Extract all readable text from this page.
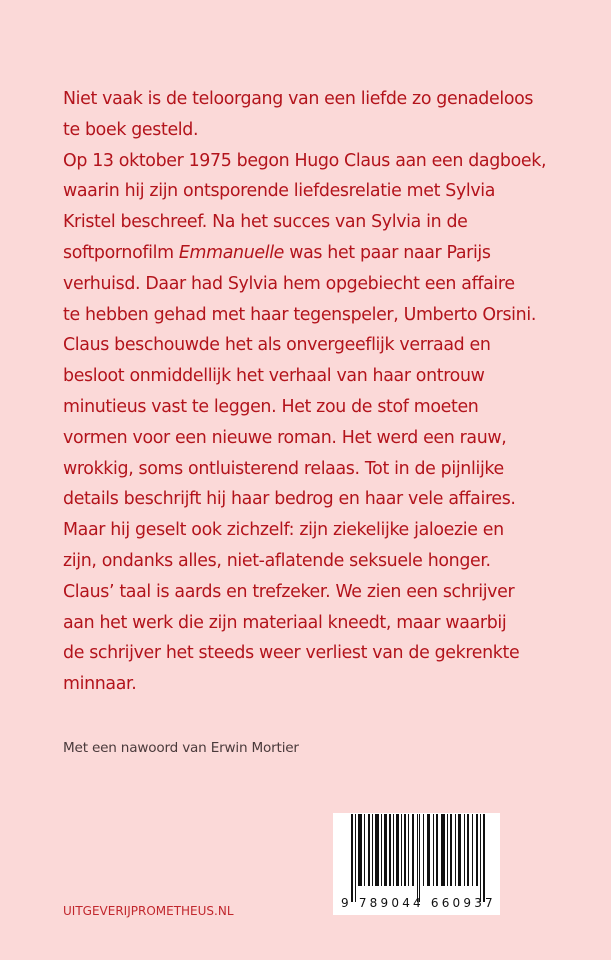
Niet vaak is de teloorgang van een liefde zo genadeloos
te boek gesteld.
Op 13 oktober 1975 begon Hugo Claus aan een dagboek,
waarin hij zijn ontsporende liefdesrelatie met Sylvia
Kristel beschreef. Na het succes van Sylvia in de
softpornofilm Emmanuelle was het paar naar Parijs
verhuisd. Daar had Sylvia hem opgebiecht een affaire
te hebben gehad met haar tegenspeler, Umberto Orsini.
Claus beschouwde het als onvergeeflijk verraad en
besloot onmiddellijk het verhaal van haar ontrouw
minutieus vast te leggen. Het zou de stof moeten
vormen voor een nieuwe roman. Het werd een rauw,
wrokkig, soms ontluisterend relaas. Tot in de pijnlijke
details beschrijft hij haar bedrog en haar vele affaires.
Maar hij geselt ook zichzelf: zijn ziekelijke jaloezie en
zijn, ondanks alles, niet-aflatende seksuele honger.
Claus’ taal is aards en trefzeker. We zien een schrijver
aan het werk die zijn materiaal kneedt, maar waarbij
de schrijver het steeds weer verliest van de gekrenkte
minnaar.
Met een nawoord van Erwin Mortier
UITGEVERIJPROMETHEUS.NL
9 789044 660937
